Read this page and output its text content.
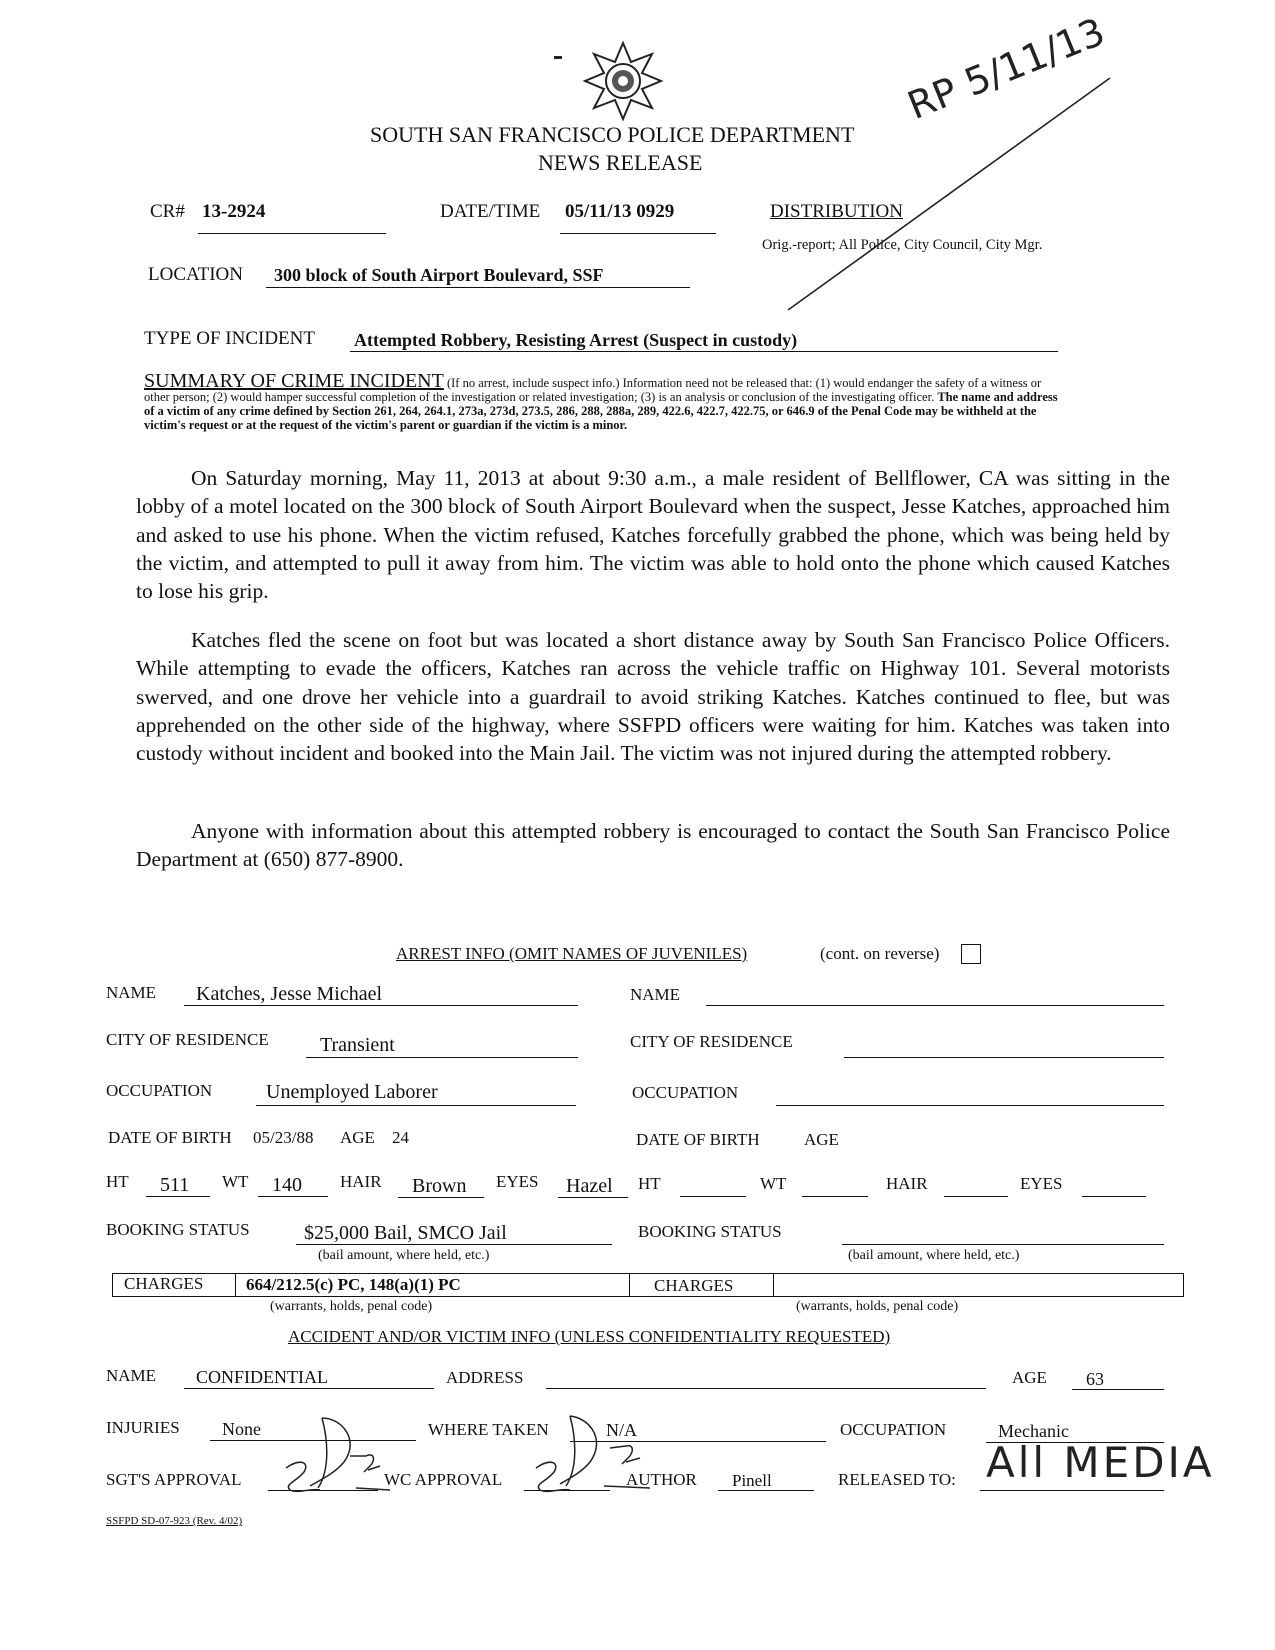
SOUTH SAN FRANCISCO POLICE DEPARTMENT
NEWS RELEASE
RP 5/11/13
CR# 13-2924	DATE/TIME 05/11/13 0929	DISTRIBUTION
Orig.-report; All Police, City Council, City Mgr.
LOCATION 300 block of South Airport Boulevard, SSF
TYPE OF INCIDENT Attempted Robbery, Resisting Arrest (Suspect in custody)
SUMMARY OF CRIME INCIDENT (If no arrest, include suspect info.) Information need not be released that: (1) would endanger the safety of a witness or other person; (2) would hamper successful completion of the investigation or related investigation; (3) is an analysis or conclusion of the investigating officer. The name and address of a victim of any crime defined by Section 261, 264, 264.1, 273a, 273d, 273.5, 286, 288, 288a, 289, 422.6, 422.7, 422.75, or 646.9 of the Penal Code may be withheld at the victim's request or at the request of the victim's parent or guardian if the victim is a minor.

On Saturday morning, May 11, 2013 at about 9:30 a.m., a male resident of Bellflower, CA was sitting in the lobby of a motel located on the 300 block of South Airport Boulevard when the suspect, Jesse Katches, approached him and asked to use his phone. When the victim refused, Katches forcefully grabbed the phone, which was being held by the victim, and attempted to pull it away from him. The victim was able to hold onto the phone which caused Katches to lose his grip.

Katches fled the scene on foot but was located a short distance away by South San Francisco Police Officers. While attempting to evade the officers, Katches ran across the vehicle traffic on Highway 101. Several motorists swerved, and one drove her vehicle into a guardrail to avoid striking Katches. Katches continued to flee, but was apprehended on the other side of the highway, where SSFPD officers were waiting for him. Katches was taken into custody without incident and booked into the Main Jail. The victim was not injured during the attempted robbery.

Anyone with information about this attempted robbery is encouraged to contact the South San Francisco Police Department at (650) 877-8900.

ARREST INFO (OMIT NAMES OF JUVENILES)	(cont. on reverse)
NAME Katches, Jesse Michael
CITY OF RESIDENCE	Transient
OCCUPATION	Unemployed Laborer
DATE OF BIRTH 05/23/88 AGE 24
HT 511 WT 140 HAIR Brown EYES Hazel
BOOKING STATUS	$25,000 Bail, SMCO Jail
(bail amount, where held, etc.)
NAME
CITY OF RESIDENCE
OCCUPATION
DATE OF BIRTH	AGE
HT	WT	HAIR	EYES
BOOKING STATUS
(bail amount, where held, etc.)
CHARGES	664/212.5(c) PC, 148(a)(1) PC	CHARGES
(warrants, holds, penal code)	(warrants, holds, penal code)
ACCIDENT AND/OR VICTIM INFO (UNLESS CONFIDENTIALITY REQUESTED)
NAME CONFIDENTIAL	ADDRESS	AGE 63
INJURIES None	WHERE TAKEN	N/A	OCCUPATION	Mechanic
SGT'S APPROVAL	WC APPROVAL	AUTHOR Pinell	RELEASED TO: All MEDIA
SSFPD SD-07-923 (Rev. 4/02)
